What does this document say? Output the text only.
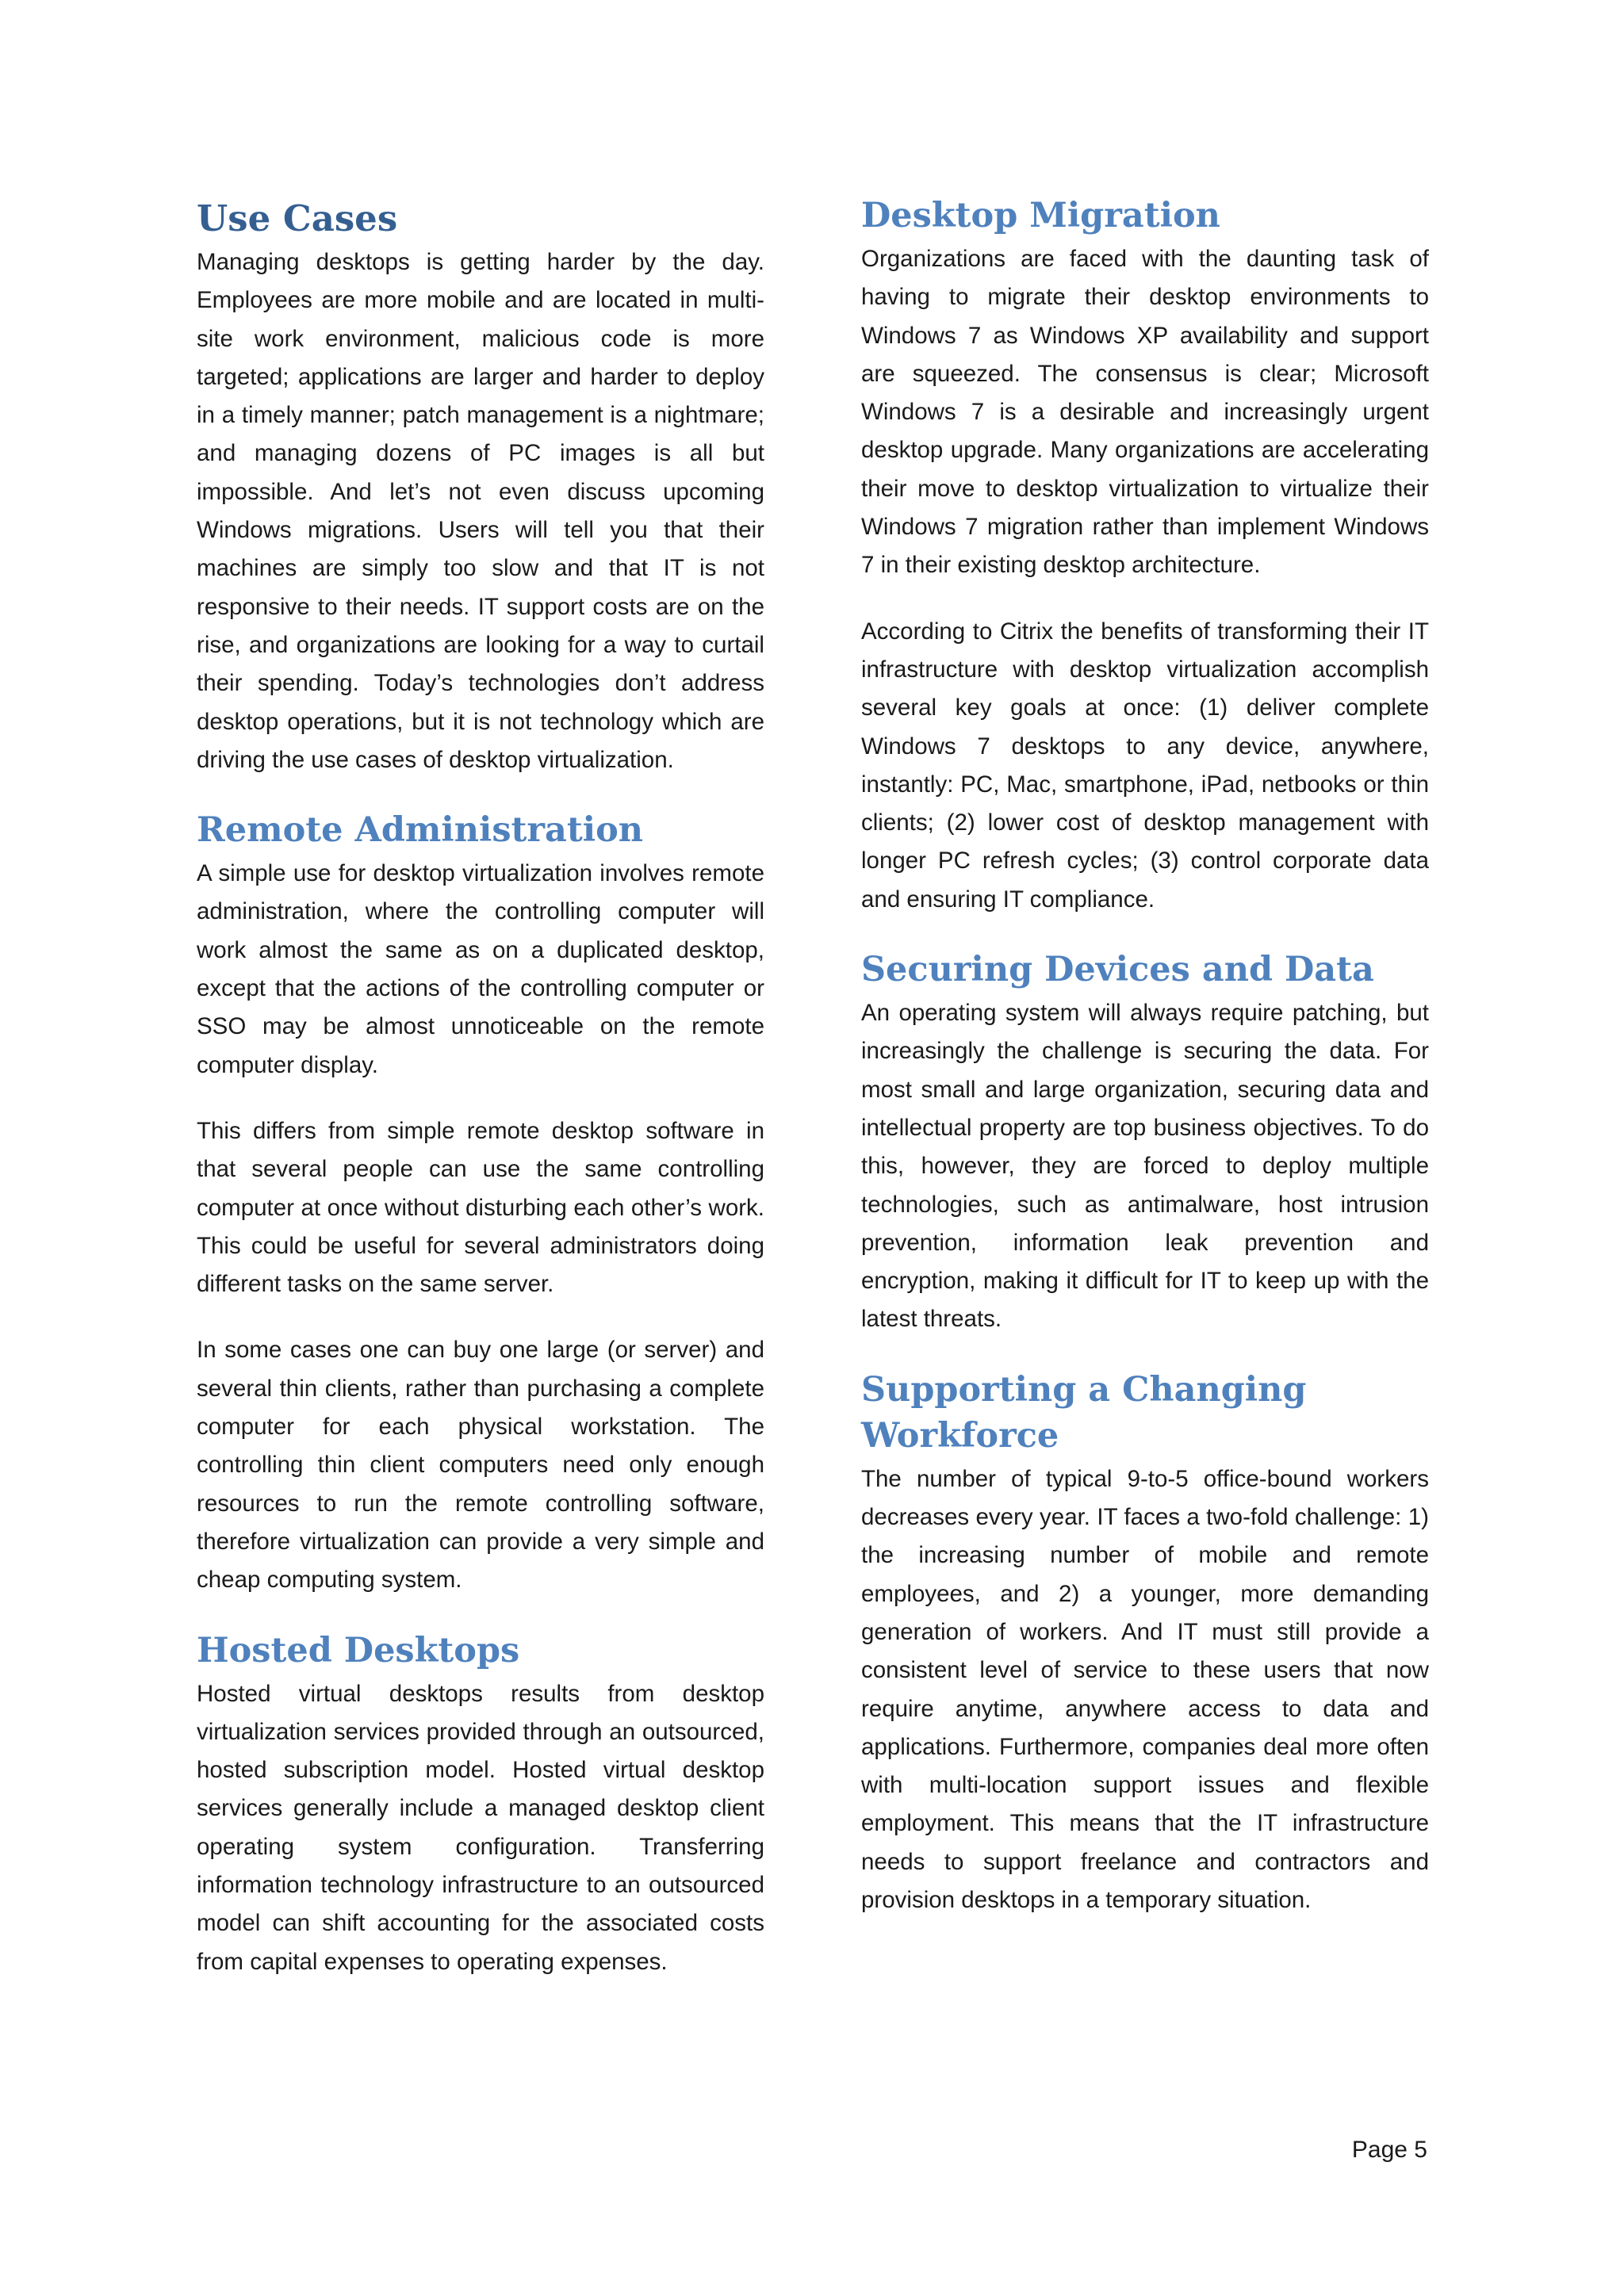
Use Cases

Managing desktops is getting harder by the day. Employees are more mobile and are located in multi-site work environment, malicious code is more targeted; applications are larger and harder to deploy in a timely manner; patch management is a nightmare; and managing dozens of PC images is all but impossible. And let’s not even discuss upcoming Windows migrations. Users will tell you that their machines are simply too slow and that IT is not responsive to their needs. IT support costs are on the rise, and organizations are looking for a way to curtail their spending. Today’s technologies don’t address desktop operations, but it is not technology which are driving the use cases of desktop virtualization.

Remote Administration

A simple use for desktop virtualization involves remote administration, where the controlling computer will work almost the same as on a duplicated desktop, except that the actions of the controlling computer or SSO may be almost unnoticeable on the remote computer display.

This differs from simple remote desktop software in that several people can use the same controlling computer at once without disturbing each other’s work. This could be useful for several administrators doing different tasks on the same server.

In some cases one can buy one large (or server) and several thin clients, rather than purchasing a complete computer for each physical workstation. The controlling thin client computers need only enough resources to run the remote controlling software, therefore virtualization can provide a very simple and cheap computing system.

Hosted Desktops

Hosted virtual desktops results from desktop virtualization services provided through an outsourced, hosted subscription model. Hosted virtual desktop services generally include a managed desktop client operating system configuration. Transferring information technology infrastructure to an outsourced model can shift accounting for the associated costs from capital expenses to operating expenses.

Desktop Migration

Organizations are faced with the daunting task of having to migrate their desktop environments to Windows 7 as Windows XP availability and support are squeezed. The consensus is clear; Microsoft Windows 7 is a desirable and increasingly urgent desktop upgrade. Many organizations are accelerating their move to desktop virtualization to virtualize their Windows 7 migration rather than implement Windows 7 in their existing desktop architecture.

According to Citrix the benefits of transforming their IT infrastructure with desktop virtualization accomplish several key goals at once: (1) deliver complete Windows 7 desktops to any device, anywhere, instantly: PC, Mac, smartphone, iPad, netbooks or thin clients; (2) lower cost of desktop management with longer PC refresh cycles; (3) control corporate data and ensuring IT compliance.

Securing Devices and Data

An operating system will always require patching, but increasingly the challenge is securing the data. For most small and large organization, securing data and intellectual property are top business objectives. To do this, however, they are forced to deploy multiple technologies, such as antimalware, host intrusion prevention, information leak prevention and encryption, making it difficult for IT to keep up with the latest threats.

Supporting a Changing Workforce

The number of typical 9-to-5 office-bound workers decreases every year. IT faces a two-fold challenge: 1) the increasing number of mobile and remote employees, and 2) a younger, more demanding generation of workers. And IT must still provide a consistent level of service to these users that now require anytime, anywhere access to data and applications. Furthermore, companies deal more often with multi-location support issues and flexible employment. This means that the IT infrastructure needs to support freelance and contractors and provision desktops in a temporary situation.

Page 5
